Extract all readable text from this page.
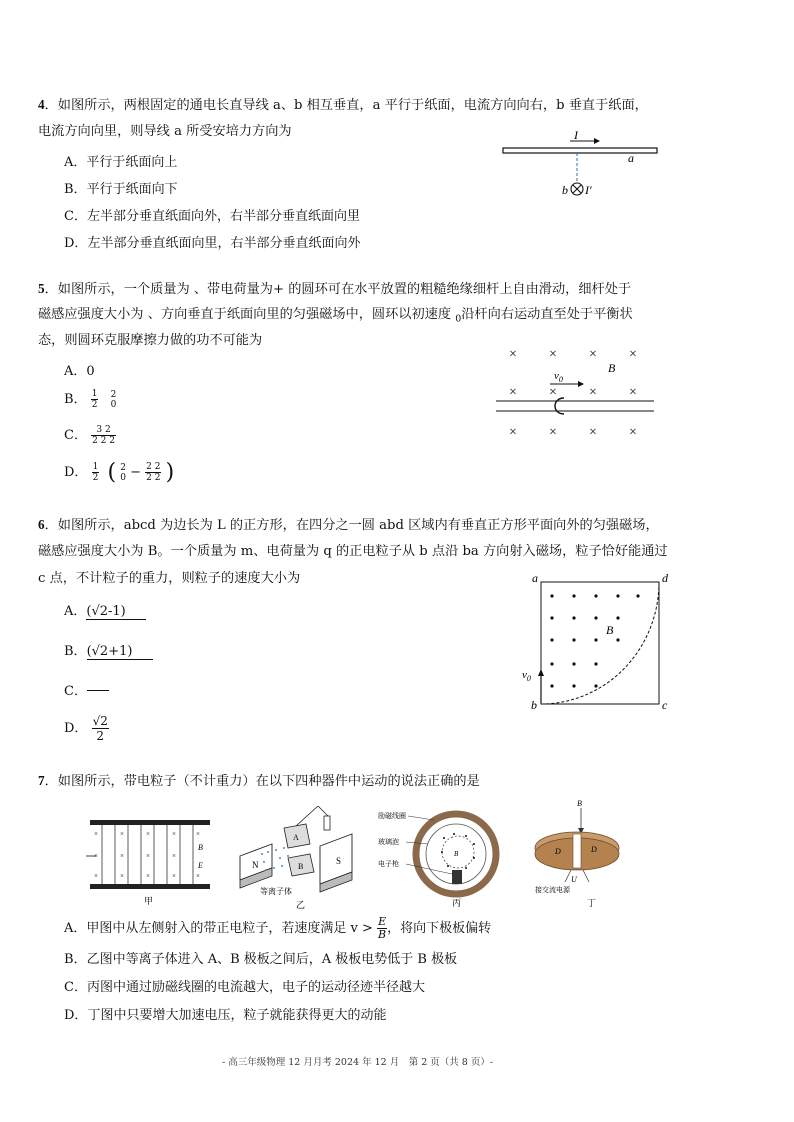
4．如图所示，两根固定的通电长直导线 a、b 相互垂直，a 平行于纸面，电流方向向右，b 垂直于纸面，
电流方向向里，则导线 a 所受安培力方向为
A．平行于纸面向上
B．平行于纸面向下
C．左半部分垂直纸面向外，右半部分垂直纸面向里
D．左半部分垂直纸面向里，右半部分垂直纸面向外
I
a
b I′
5．如图所示，一个质量为 、带电荷量为+ 的圆环可在水平放置的粗糙绝缘细杆上自由滑动，细杆处于
磁感应强度大小为 、方向垂直于纸面向里的匀强磁场中，圆环以初速度 $_0$沿杆向右运动直至处于平衡状
态，则圆环克服摩擦力做的功不可能为
A．0
B． $\frac{1}{2}$
2
0
C． $\frac{3 2}{2 2 2}$
D． $\frac{1}{2}$ ( 2
$0 - \frac{2 2}{2 2}$ )
× × × ×
× × × ×
× × × ×
B
$v_0$
6．如图所示，abcd 为边长为 L 的正方形，在四分之一圆 abd 区域内有垂直正方形平面向外的匀强磁场，
磁感应强度大小为 B。一个质量为 m、电荷量为 q 的正电粒子从 b 点沿 ba 方向射入磁场，粒子恰好能通过
c 点，不计粒子的重力，则粒子的速度大小为
A．(√2-1)
B．(√2+1)
C．
D． $\frac{√2}{2}$
a	d
b	c
B
$v_0$
7．如图所示，带电粒子（不计重力）在以下四种器件中运动的说法正确的是
×	×	×	×	×
×	×	×	×
×	×	×	×	×
B
E
甲
N	S
A
B
等离子体
乙
B
励磁线圈
玻璃泡
电子枪
丙
B
D	D
U
接交流电源
丁
A．甲图中从左侧射入的带正电粒子，若速度满足 $v > \frac{E}{B}$ ，将向下极板偏转
B．乙图中等离子体进入 A、B 极板之间后，A 极板电势低于 B 极板
C．丙图中通过励磁线圈的电流越大，电子的运动径迹半径越大
D．丁图中只要增大加速电压，粒子就能获得更大的动能
- 高三年级物理 12 月月考 2024 年 12 月　第 2 页（共 8 页）-
